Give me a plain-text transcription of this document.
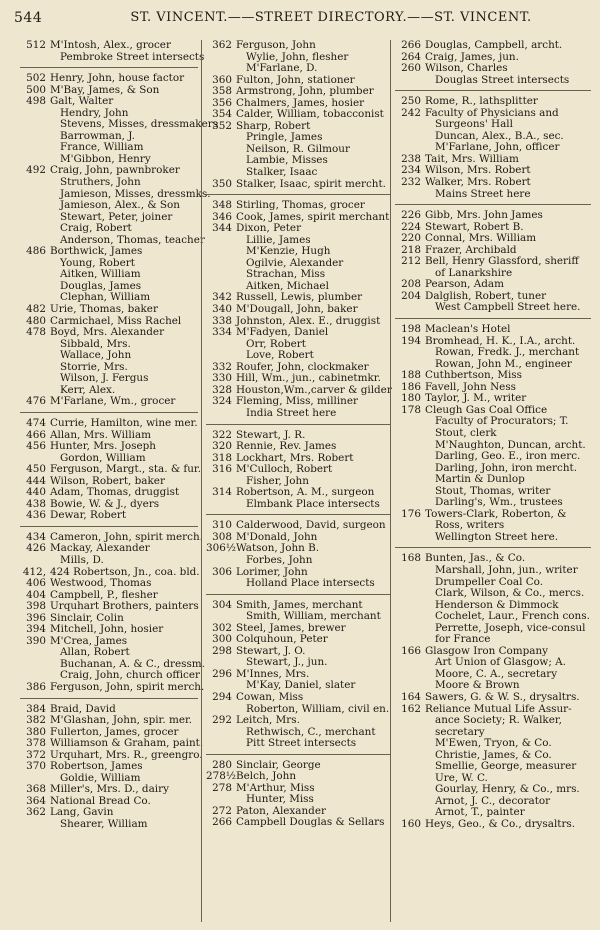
544	ST. VINCENT.——STREET DIRECTORY.——ST. VINCENT.
512 M'Intosh, Alex., grocer
Pembroke Street intersects
502 Henry, John, house factor
500 M'Bay, James, & Son
498 Galt, Walter
Hendry, John
Stevens, Misses, dressmakers
Barrowman, J.
France, William
M'Gibbon, Henry
492 Craig, John, pawnbroker
Struthers, John
Jamieson, Misses, dressmks.
Jamieson, Alex., & Son
Stewart, Peter, joiner
Craig, Robert
Anderson, Thomas, teacher
486 Borthwick, James
Young, Robert
Aitken, William
Douglas, James
Clephan, William
482 Urie, Thomas, baker
480 Carmichael, Miss Rachel
478 Boyd, Mrs. Alexander
Sibbald, Mrs.
Wallace, John
Storrie, Mrs.
Wilson, J. Fergus
Kerr, Alex.
476 M'Farlane, Wm., grocer
474 Currie, Hamilton, wine mer.
466 Allan, Mrs. William
456 Hunter, Mrs. Joseph
Gordon, William
450 Ferguson, Margt., sta. & fur.
444 Wilson, Robert, baker
440 Adam, Thomas, druggist
438 Bowie, W. & J., dyers
436 Dewar, Robert
434 Cameron, John, spirit merch.
426 Mackay, Alexander
Mills, D.
412, 424 Robertson, Jn., coa. bld.
406 Westwood, Thomas
404 Campbell, P., flesher
398 Urquhart Brothers, painters
396 Sinclair, Colin
394 Mitchell, John, hosier
390 M'Crea, James
Allan, Robert
Buchanan, A. & C., dressm.
Craig, John, church officer
386 Ferguson, John, spirit merch.
384 Braid, David
382 M'Glashan, John, spir. mer.
380 Fullerton, James, grocer
378 Williamson & Graham, paint.
372 Urquhart, Mrs. R., greengro.
370 Robertson, James
Goldie, William
368 Miller's, Mrs. D., dairy
364 National Bread Co.
362 Lang, Gavin
Shearer, William
362 Ferguson, John
Wylie, John, flesher
M'Farlane, D.
360 Fulton, John, stationer
358 Armstrong, John, plumber
356 Chalmers, James, hosier
354 Calder, William, tobacconist
352 Sharp, Robert
Pringle, James
Neilson, R. Gilmour
Lambie, Misses
Stalker, Isaac
350 Stalker, Isaac, spirit mercht.
348 Stirling, Thomas, grocer
346 Cook, James, spirit merchant
344 Dixon, Peter
Lillie, James
M'Kenzie, Hugh
Ogilvie, Alexander
Strachan, Miss
Aitken, Michael
342 Russell, Lewis, plumber
340 M'Dougall, John, baker
338 Johnston, Alex. E., druggist
334 M'Fadyen, Daniel
Orr, Robert
Love, Robert
332 Roufer, John, clockmaker
330 Hill, Wm., jun., cabinetmkr.
328 Houston,Wm.,carver & gilder
324 Fleming, Miss, milliner
India Street here
322 Stewart, J. R.
320 Rennie, Rev. James
318 Lockhart, Mrs. Robert
316 M'Culloch, Robert
Fisher, John
314 Robertson, A. M., surgeon
Elmbank Place intersects
310 Calderwood, David, surgeon
308 M'Donald, John
306½ Watson, John B.
Forbes, John
306 Lorimer, John
Holland Place intersects
304 Smith, James, merchant
Smith, William, merchant
302 Steel, James, brewer
300 Colquhoun, Peter
298 Stewart, J. O.
Stewart, J., jun.
296 M'Innes, Mrs.
M'Kay, Daniel, slater
294 Cowan, Miss
Roberton, William, civil en.
292 Leitch, Mrs.
Rethwisch, C., merchant
Pitt Street intersects
280 Sinclair, George
278½ Belch, John
278 M'Arthur, Miss
Hunter, Miss
272 Paton, Alexander
266 Campbell Douglas & Sellars
266 Douglas, Campbell, archt.
264 Craig, James, jun.
260 Wilson, Charles
Douglas Street intersects
250 Rome, R., lathsplitter
242 Faculty of Physicians and
Surgeons' Hall
Duncan, Alex., B.A., sec.
M'Farlane, John, officer
238 Tait, Mrs. William
234 Wilson, Mrs. Robert
232 Walker, Mrs. Robert
Mains Street here
226 Gibb, Mrs. John James
224 Stewart, Robert B.
220 Connal, Mrs. William
218 Frazer, Archibald
212 Bell, Henry Glassford, sheriff
of Lanarkshire
208 Pearson, Adam
204 Dalglish, Robert, tuner
West Campbell Street here.
198 Maclean's Hotel
194 Bromhead, H. K., I.A., archt.
Rowan, Fredk. J., merchant
Rowan, John M., engineer
188 Cuthbertson, Miss
186 Favell, John Ness
180 Taylor, J. M., writer
178 Cleugh Gas Coal Office
Faculty of Procurators; T.
Stout, clerk
M'Naughton, Duncan, archt.
Darling, Geo. E., iron merc.
Darling, John, iron mercht.
Martin & Dunlop
Stout, Thomas, writer
Darling's, Wm., trustees
176 Towers-Clark, Roberton, &
Ross, writers
Wellington Street here.
168 Bunten, Jas., & Co.
Marshall, John, jun., writer
Drumpeller Coal Co.
Clark, Wilson, & Co., mercs.
Henderson & Dimmock
Cochelet, Laur., French cons.
Perrette, Joseph, vice-consul
for France
166 Glasgow Iron Company
Art Union of Glasgow; A.
Moore, C. A., secretary
Moore & Brown
164 Sawers, G. & W. S., drysaltrs.
162 Reliance Mutual Life Assur-
ance Society; R. Walker,
secretary
M'Ewen, Tryon, & Co.
Christie, James, & Co.
Smellie, George, measurer
Ure, W. C.
Gourlay, Henry, & Co., mrs.
Arnot, J. C., decorator
Arnot, T., painter
160 Heys, Geo., & Co., drysaltrs.
